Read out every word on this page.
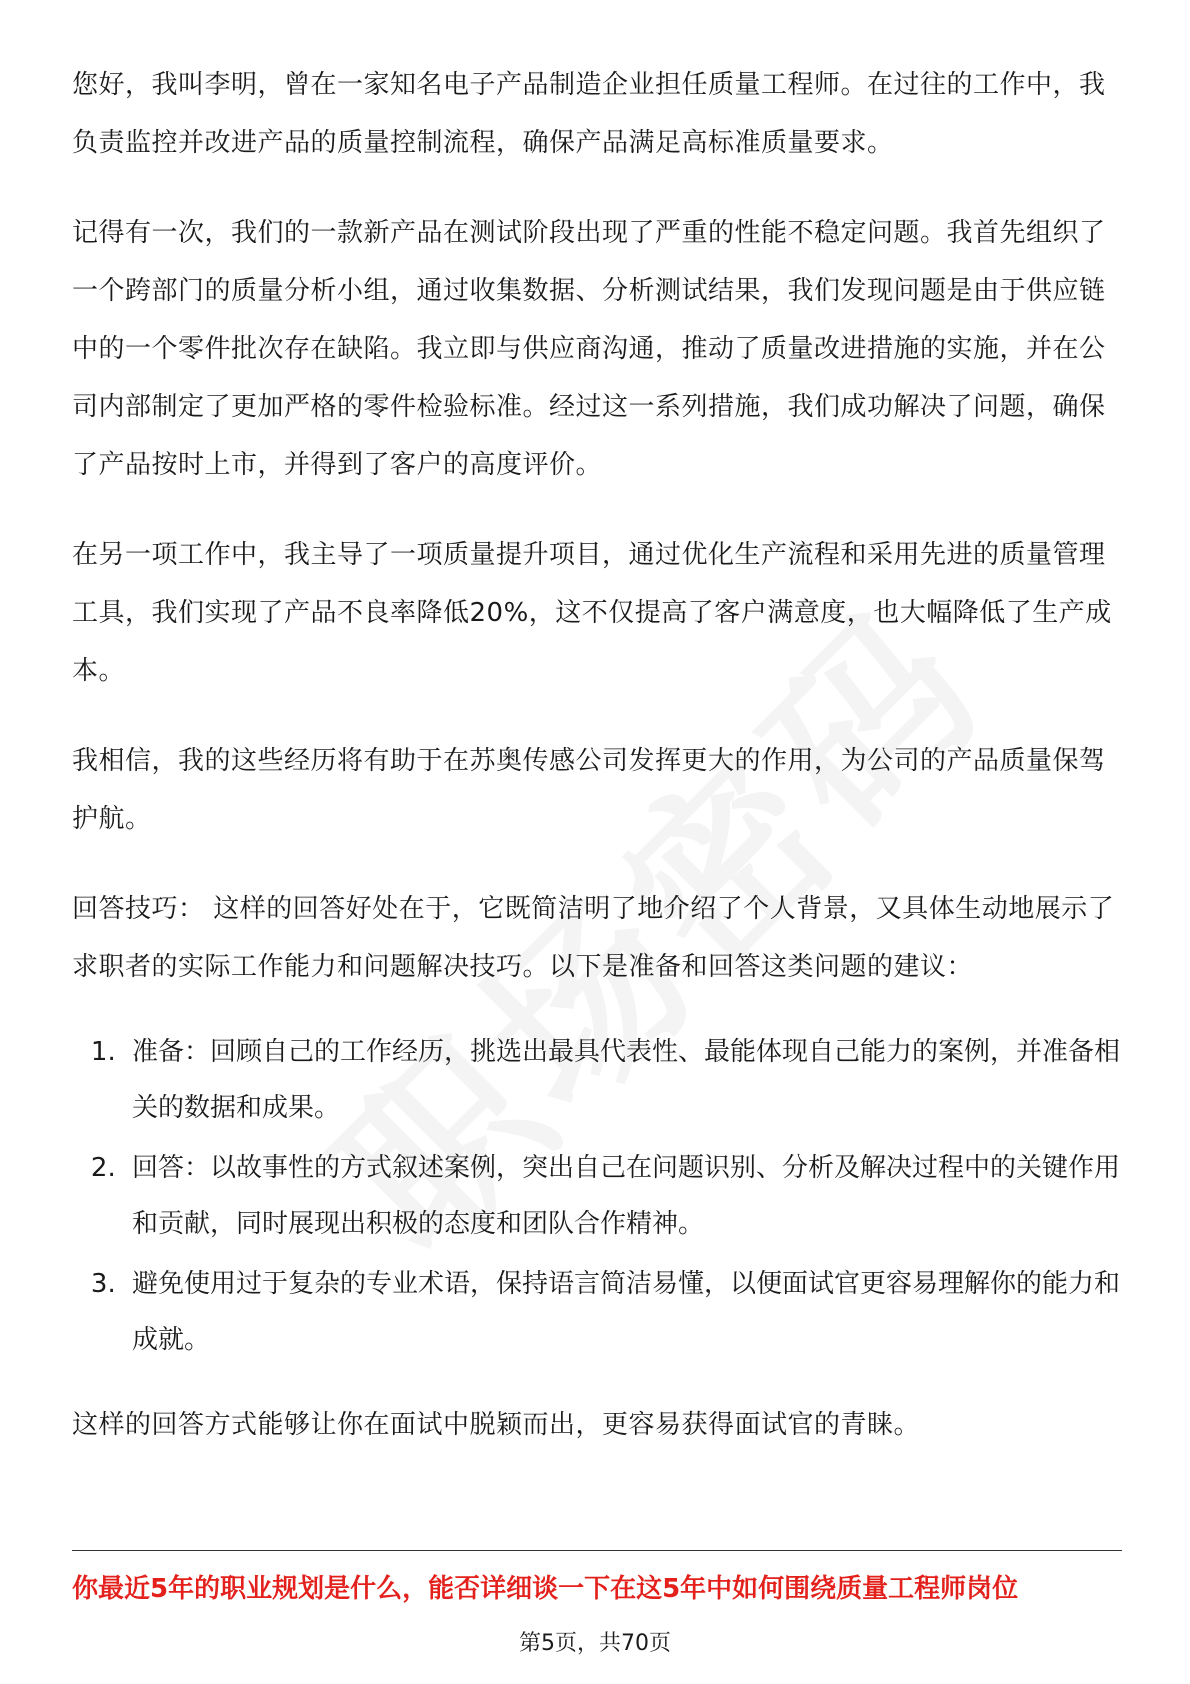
您好，我叫李明，曾在一家知名电子产品制造企业担任质量工程师。在过往的工作中，我负责监控并改进产品的质量控制流程，确保产品满足高标准质量要求。

记得有一次，我们的一款新产品在测试阶段出现了严重的性能不稳定问题。我首先组织了一个跨部门的质量分析小组，通过收集数据、分析测试结果，我们发现问题是由于供应链中的一个零件批次存在缺陷。我立即与供应商沟通，推动了质量改进措施的实施，并在公司内部制定了更加严格的零件检验标准。经过这一系列措施，我们成功解决了问题，确保了产品按时上市，并得到了客户的高度评价。

在另一项工作中，我主导了一项质量提升项目，通过优化生产流程和采用先进的质量管理工具，我们实现了产品不良率降低20%，这不仅提高了客户满意度，也大幅降低了生产成本。

我相信，我的这些经历将有助于在苏奥传感公司发挥更大的作用，为公司的产品质量保驾护航。

回答技巧： 这样的回答好处在于，它既简洁明了地介绍了个人背景，又具体生动地展示了求职者的实际工作能力和问题解决技巧。以下是准备和回答这类问题的建议：

1. 准备：回顾自己的工作经历，挑选出最具代表性、最能体现自己能力的案例，并准备相关的数据和成果。
2. 回答：以故事性的方式叙述案例，突出自己在问题识别、分析及解决过程中的关键作用和贡献，同时展现出积极的态度和团队合作精神。
3. 避免使用过于复杂的专业术语，保持语言简洁易懂，以便面试官更容易理解你的能力和成就。

这样的回答方式能够让你在面试中脱颖而出，更容易获得面试官的青睐。

你最近5年的职业规划是什么，能否详细谈一下在这5年中如何围绕质量工程师岗位
第5页，共70页
